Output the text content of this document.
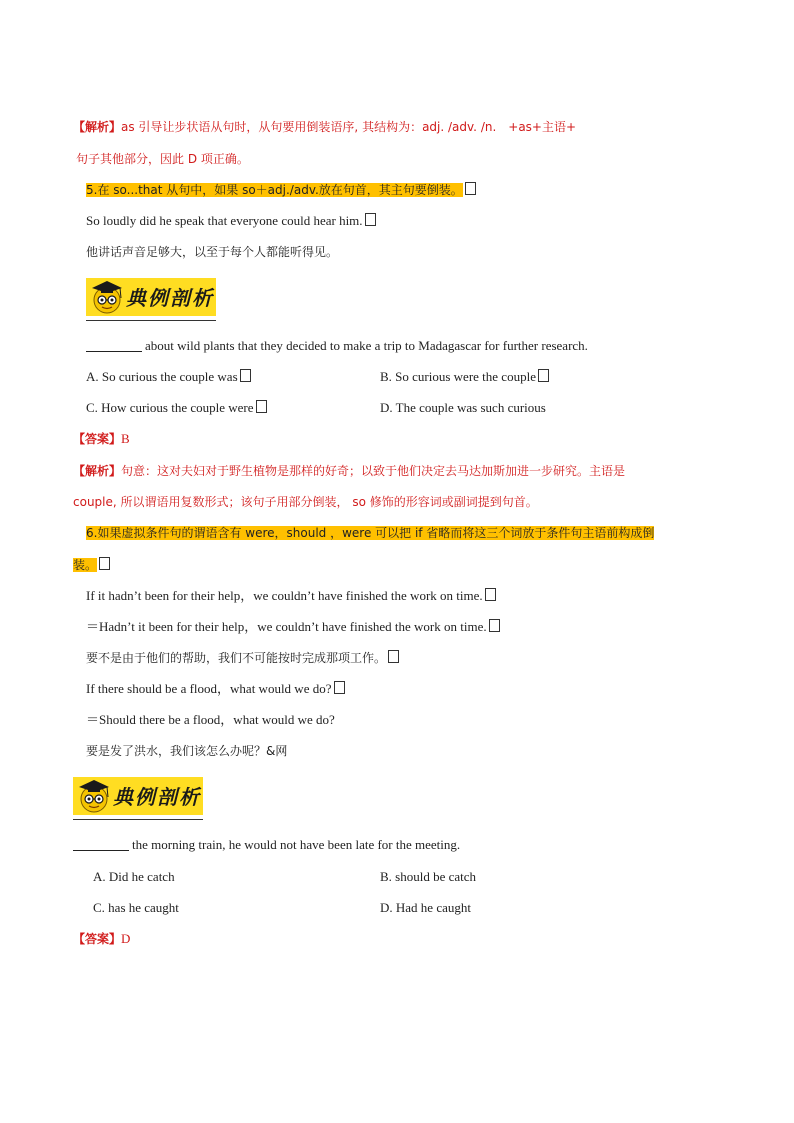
【解析】as 引导让步状语从句时，从句要用倒装语序, 其结构为：adj. /adv. /n.　+as+主语+
句子其他部分，因此 D 项正确。
5.在 so...that 从句中，如果 so＋adj./adv.放在句首，其主句要倒装。
So loudly did he speak that everyone could hear him.
他讲话声音足够大，以至于每个人都能听得见。
典例剖析
about wild plants that they decided to make a trip to Madagascar for further research.
A. So curious the couple was	B. So curious were the couple
C. How curious the couple were	D. The couple was such curious
【答案】B
【解析】句意：这对夫妇对于野生植物是那样的好奇；以致于他们决定去马达加斯加进一步研究。主语是
couple, 所以谓语用复数形式；该句子用部分倒装， so 修饰的形容词或副词提到句首。
6.如果虚拟条件句的谓语含有 were，should ，were 可以把 if 省略而将这三个词放于条件句主语前构成倒
装。
If it hadn’t been for their help，we couldn’t have finished the work on time.
＝Hadn’t it been for their help，we couldn’t have finished the work on time.
要不是由于他们的帮助，我们不可能按时完成那项工作。
If there should be a flood，what would we do?
＝Should there be a flood，what would we do?
要是发了洪水，我们该怎么办呢？&网
典例剖析
the morning train, he would not have been late for the meeting.
A. Did he catch	B. should be catch
C. has he caught	D. Had he caught
【答案】D
